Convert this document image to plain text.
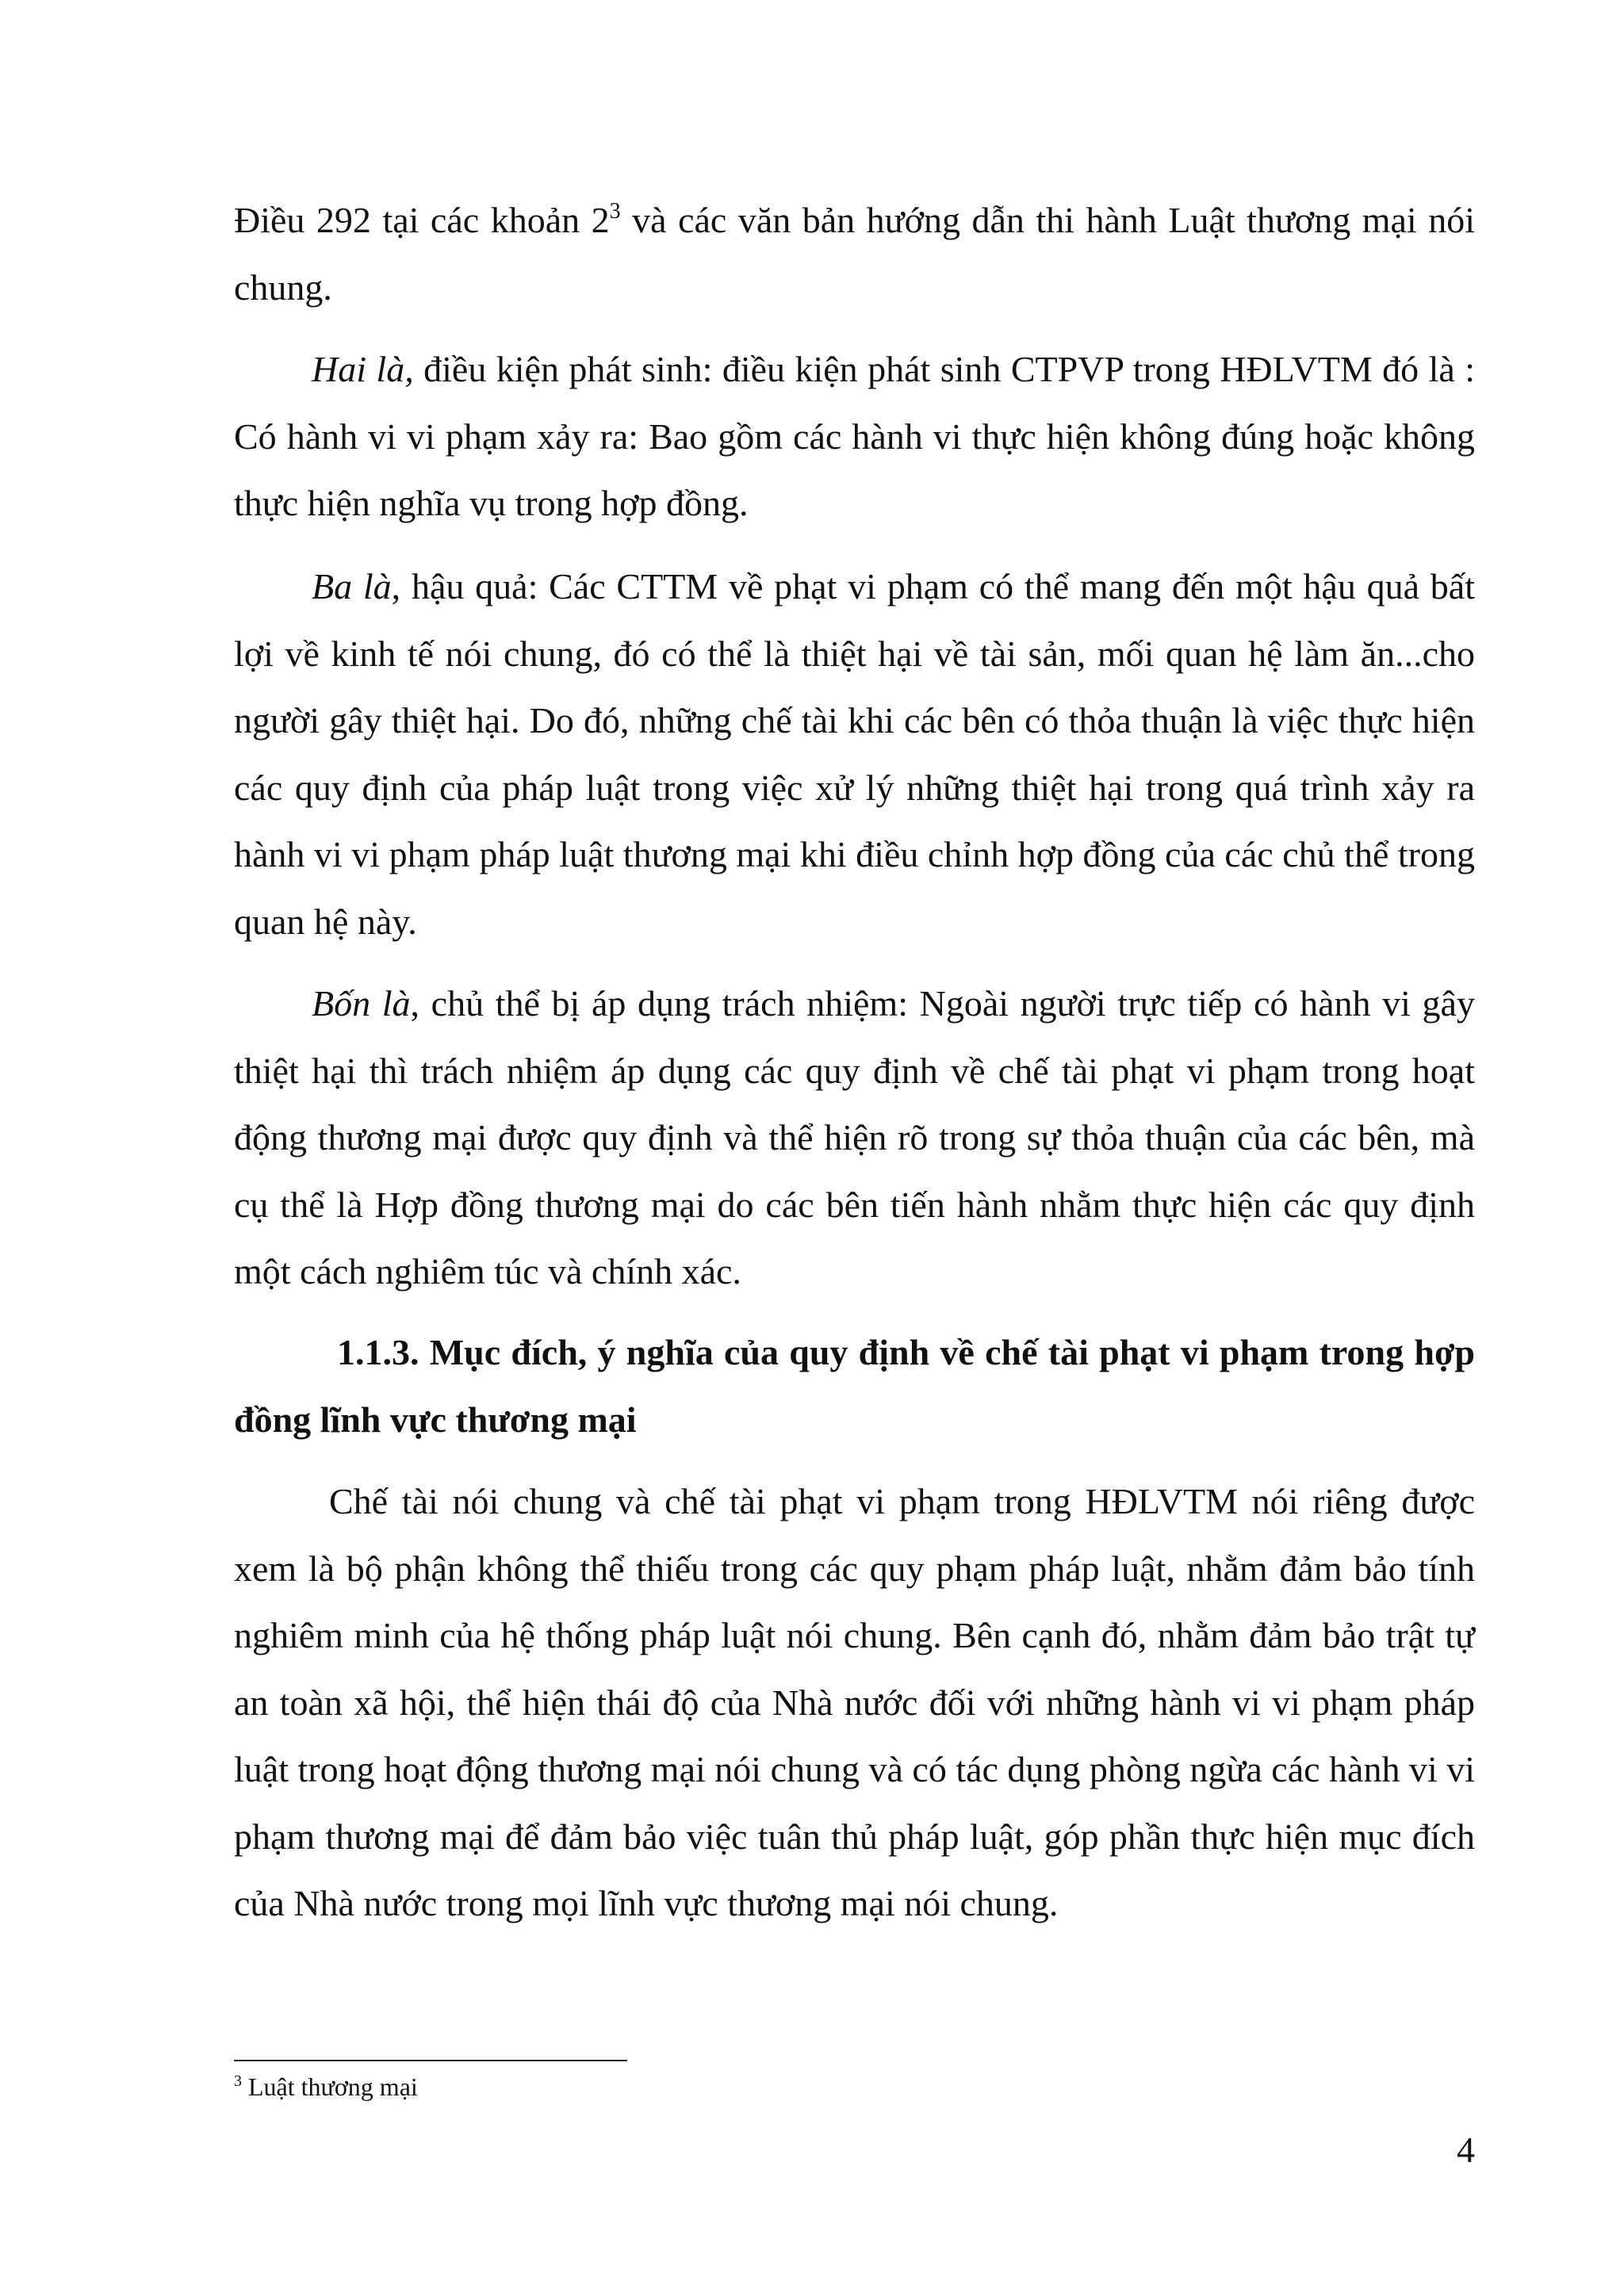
Điều 292 tại các khoản $2^3$ và các văn bản hướng dẫn thi hành Luật thương mại nói chung.

Hai là, điều kiện phát sinh: điều kiện phát sinh CTPVP trong HĐLVTM đó là : Có hành vi vi phạm xảy ra: Bao gồm các hành vi thực hiện không đúng hoặc không thực hiện nghĩa vụ trong hợp đồng.

Ba là, hậu quả: Các CTTM về phạt vi phạm có thể mang đến một hậu quả bất lợi về kinh tế nói chung, đó có thể là thiệt hại về tài sản, mối quan hệ làm ăn...cho người gây thiệt hại. Do đó, những chế tài khi các bên có thỏa thuận là việc thực hiện các quy định của pháp luật trong việc xử lý những thiệt hại trong quá trình xảy ra hành vi vi phạm pháp luật thương mại khi điều chỉnh hợp đồng của các chủ thể trong quan hệ này.

Bốn là, chủ thể bị áp dụng trách nhiệm: Ngoài người trực tiếp có hành vi gây thiệt hại thì trách nhiệm áp dụng các quy định về chế tài phạt vi phạm trong hoạt động thương mại được quy định và thể hiện rõ trong sự thỏa thuận của các bên, mà cụ thể là Hợp đồng thương mại do các bên tiến hành nhằm thực hiện các quy định một cách nghiêm túc và chính xác.

1.1.3. Mục đích, ý nghĩa của quy định về chế tài phạt vi phạm trong hợp đồng lĩnh vực thương mại

Chế tài nói chung và chế tài phạt vi phạm trong HĐLVTM nói riêng được xem là bộ phận không thể thiếu trong các quy phạm pháp luật, nhằm đảm bảo tính nghiêm minh của hệ thống pháp luật nói chung. Bên cạnh đó, nhằm đảm bảo trật tự an toàn xã hội, thể hiện thái độ của Nhà nước đối với những hành vi vi phạm pháp luật trong hoạt động thương mại nói chung và có tác dụng phòng ngừa các hành vi vi phạm thương mại để đảm bảo việc tuân thủ pháp luật, góp phần thực hiện mục đích của Nhà nước trong mọi lĩnh vực thương mại nói chung.

$^3$ Luật thương mại
4
